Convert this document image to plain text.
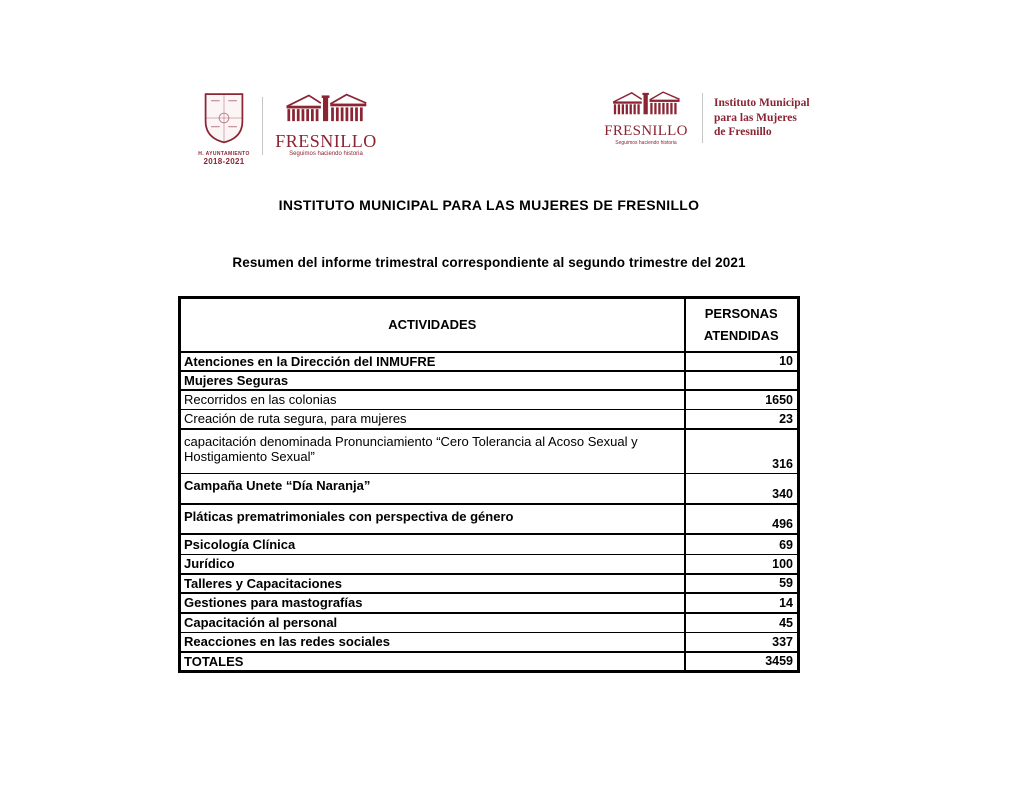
H. AYUNTAMIENTO
2018-2021
FRESNILLO
Seguimos haciendo historia
FRESNILLO
Seguimos haciendo historia
Instituto Municipal
para las Mujeres
de Fresnillo
INSTITUTO MUNICIPAL PARA LAS MUJERES DE FRESNILLO
Resumen del informe trimestral correspondiente al segundo trimestre del 2021
ACTIVIDADES	PERSONAS
ATENDIDAS

Atenciones en la Dirección del INMUFRE	10
Mujeres Seguras	
Recorridos en las colonias	1650
Creación de ruta segura, para mujeres	23
capacitación denominada Pronunciamiento “Cero Tolerancia al Acoso Sexual y Hostigamiento Sexual”	316
Campaña Unete “Día Naranja”	340
Pláticas prematrimoniales con perspectiva de género	496
Psicología Clínica	69
Jurídico	100
Talleres y Capacitaciones	59
Gestiones para mastografías	14
Capacitación al personal	45
Reacciones en las redes sociales	337
TOTALES	3459
